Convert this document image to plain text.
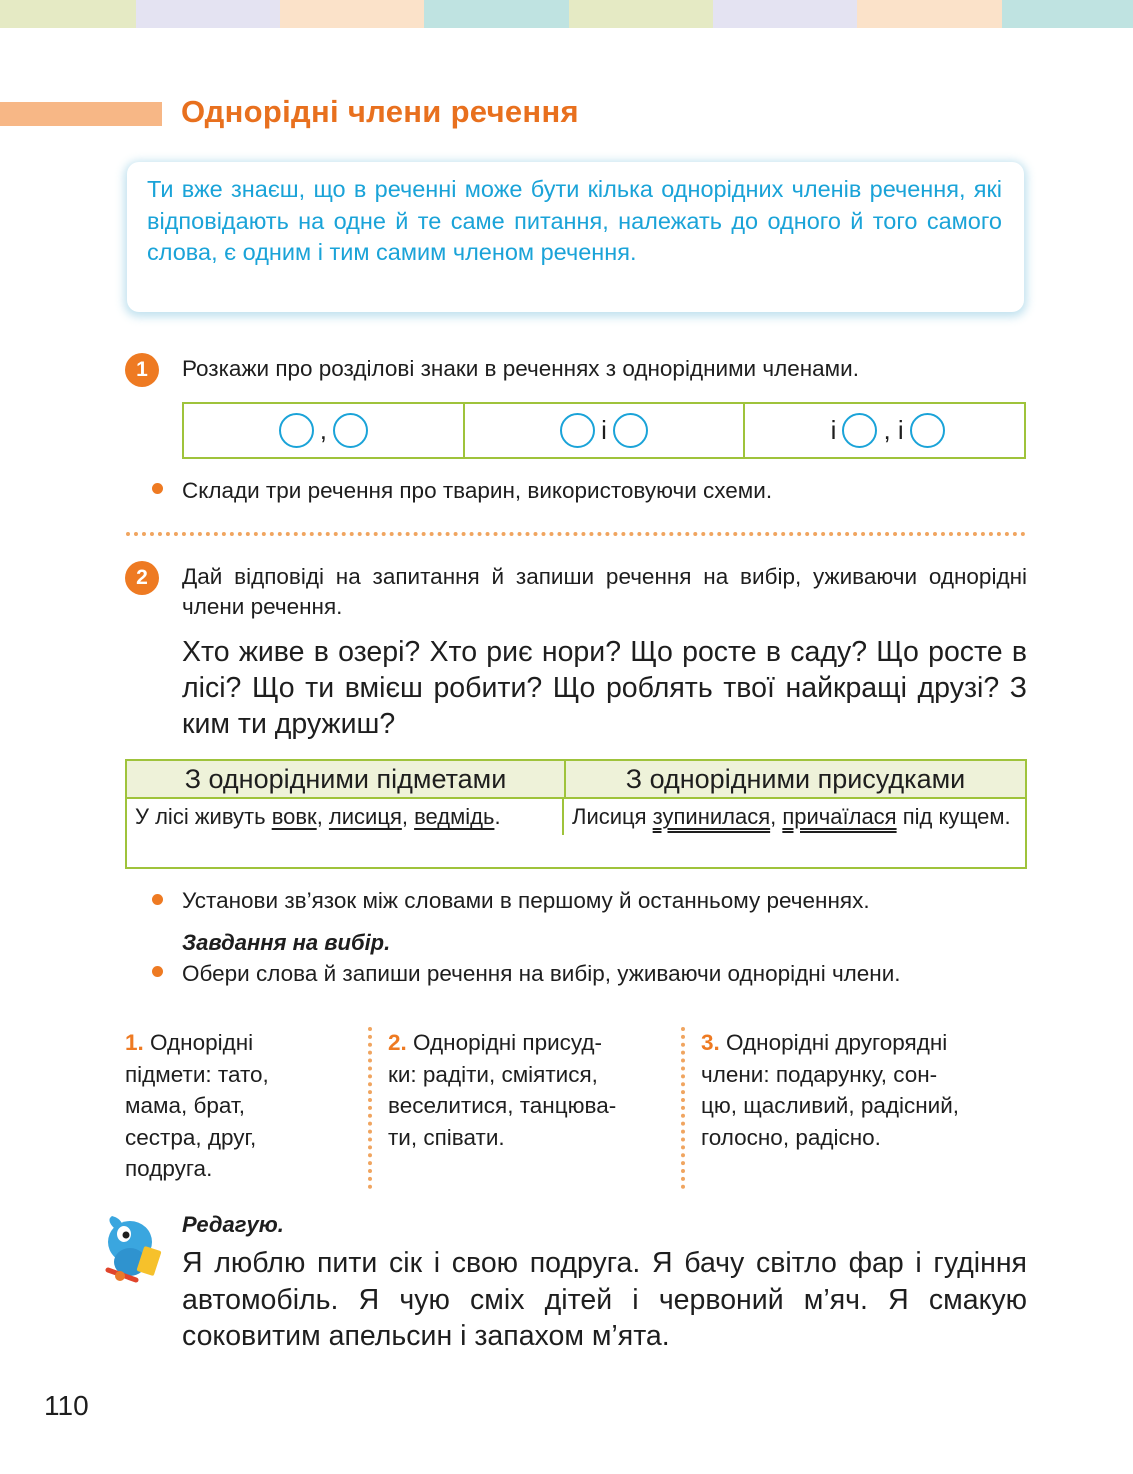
Однорідні члени речення
Ти вже знаєш, що в реченні може бути кілька однорідних членів речення, які відповідають на одне й те саме питання, належать до одного й того самого слова, є одним і тим самим членом речення.
1	Розкажи про розділові знаки в реченнях з однорідними членами.
,	і	і , і
Склади три речення про тварин, використовуючи схеми.
2	Дай відповіді на запитання й запиши речення на вибір, уживаючи однорідні члени речення.
Хто живе в озері? Хто риє нори? Що росте в саду? Що росте в лісі? Що ти вмієш робити? Що роблять твої найкращі друзі? З ким ти дружиш?
З однорідними підметами	З однорідними присудками
У лісі живуть вовк, лисиця, ведмідь.	Лисиця зупинилася, причаїлася під кущем.
Установи зв’язок між словами в першому й останньому реченнях.
Завдання на вибір.
Обери слова й запиши речення на вибір, уживаючи однорідні члени.
1. Однорідні
підмети: тато,
мама, брат,
сестра, друг,
подруга.
2. Однорідні присуд-
ки: радіти, сміятися,
веселитися, танцюва-
ти, співати.
3. Однорідні другорядні
члени: подарунку, сон-
цю, щасливий, радісний,
голосно, радісно.
Редагую.
Я люблю пити сік і свою подруга. Я бачу світло фар і гудіння автомобіль. Я чую сміх дітей і червоний м’яч. Я смакую соковитим апельсин і запахом м’ята.
110
